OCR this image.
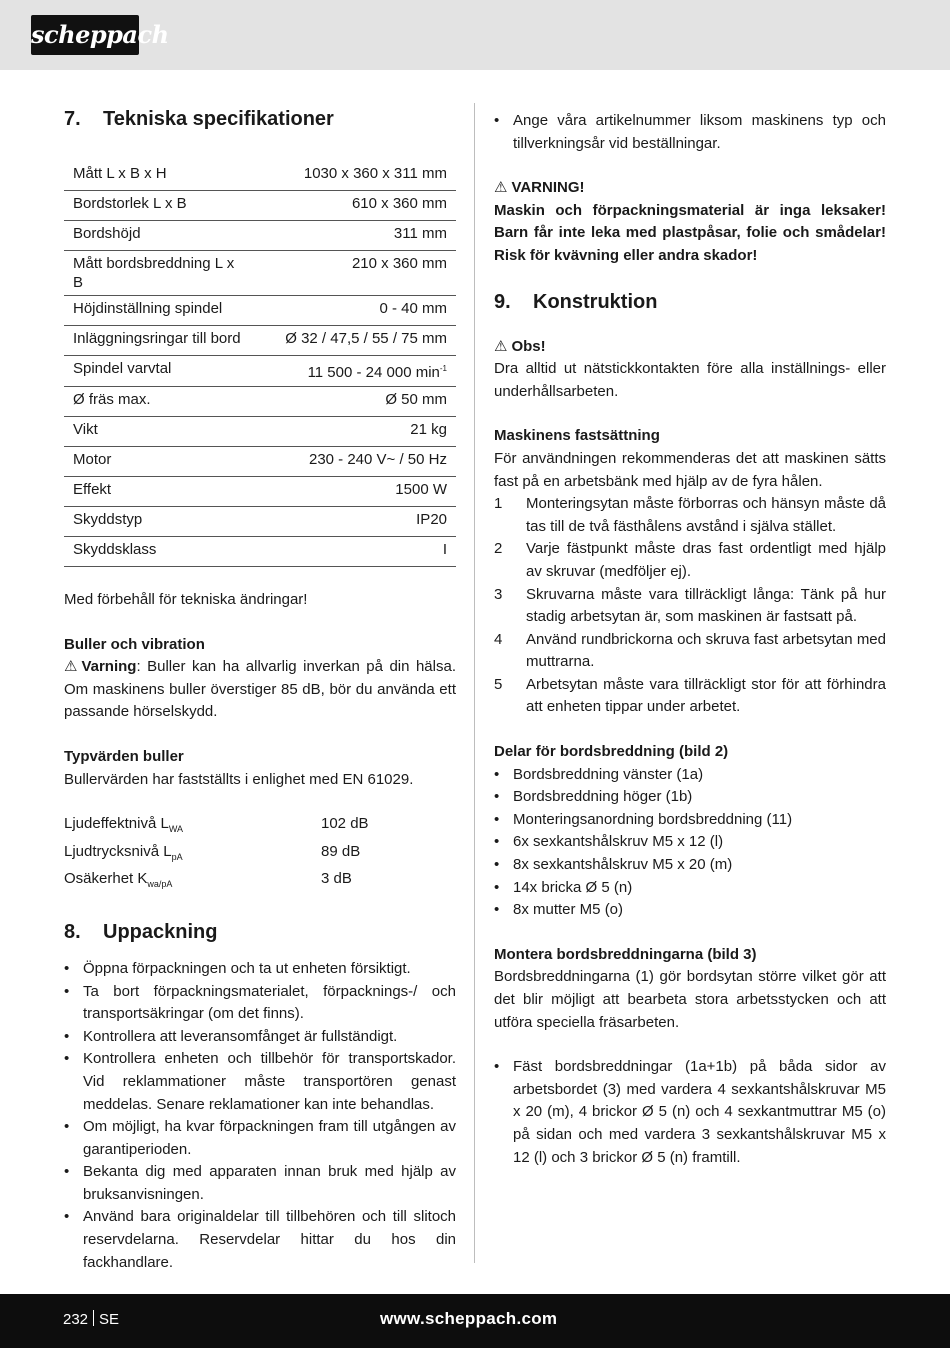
scheppach
7.	Tekniska specifikationer
Mått L x B x H	1030 x 360 x 311 mm
Bordstorlek L x B	610 x 360 mm
Bordshöjd	311 mm
Mått bordsbreddning L x B	210 x 360 mm
Höjdinställning spindel	0 - 40 mm
Inläggningsringar till bord	Ø 32 / 47,5 / 55 / 75 mm
Spindel varvtal	11 500 - 24 000 $\min^{-1}$
Ø fräs max.	Ø 50 mm
Vikt	21 kg
Motor	230 - 240 V~ / 50 Hz
Effekt	1500 W
Skyddstyp	IP20
Skyddsklass	I

Med förbehåll för tekniska ändringar!

Buller och vibration

⚠ Varning: Buller kan ha allvarlig inverkan på din hälsa. Om maskinens buller överstiger 85 dB, bör du använda ett passande hörselskydd.

Typvärden buller

Bullervärden har fastställts i enlighet med EN 61029.

Ljudeffektnivå $L_{WA}$	102 dB
Ljudtrycksnivå $L_{pA}$	89 dB
Osäkerhet $K_{wa/pA}$	3 dB
8.	Uppackning
• Öppna förpackningen och ta ut enheten försiktigt.
• Ta bort förpackningsmaterialet, förpacknings-/ och transportsäkringar (om det finns).
• Kontrollera att leveransomfånget är fullständigt.
• Kontrollera enheten och tillbehör för transportskador. Vid reklammationer måste transportören genast meddelas. Senare reklamationer kan inte behandlas.
• Om möjligt, ha kvar förpackningen fram till utgången av garantiperioden.
• Bekanta dig med apparaten innan bruk med hjälp av bruksanvisningen.
• Använd bara originaldelar till tillbehören och till slitoch reservdelarna. Reservdelar hittar du hos din fackhandlare.
• Ange våra artikelnummer liksom maskinens typ och tillverkningsår vid beställningar.

⚠ VARNING!

Maskin och förpackningsmaterial är inga leksaker! Barn får inte leka med plastpåsar, folie och smådelar! Risk för kvävning eller andra skador!

9.	Konstruktion

⚠ Obs!

Dra alltid ut nätstickkontakten före alla inställnings- eller underhållsarbeten.

Maskinens fastsättning

För användningen rekommenderas det att maskinen sätts fast på en arbetsbänk med hjälp av de fyra hålen.

1 Monteringsytan måste förborras och hänsyn måste då tas till de två fästhålens avstånd i själva stället.
2 Varje fästpunkt måste dras fast ordentligt med hjälp av skruvar (medföljer ej).
3 Skruvarna måste vara tillräckligt långa: Tänk på hur stadig arbetsytan är, som maskinen är fastsatt på.
4 Använd rundbrickorna och skruva fast arbetsytan med muttrarna.
5 Arbetsytan måste vara tillräckligt stor för att förhindra att enheten tippar under arbetet.

Delar för bordsbreddning (bild 2)

• Bordsbreddning vänster (1a)
• Bordsbreddning höger (1b)
• Monteringsanordning bordsbreddning (11)
• 6x sexkantshålskruv M5 x 12 (l)
• 8x sexkantshålskruv M5 x 20 (m)
• 14x bricka Ø 5 (n)
• 8x mutter M5 (o)

Montera bordsbreddningarna (bild 3)

Bordsbreddningarna (1) gör bordsytan större vilket gör att det blir möjligt att bearbeta stora arbetsstycken och att utföra speciella fräsarbeten.

• Fäst bordsbreddningar (1a+1b) på båda sidor av arbetsbordet (3) med vardera 4 sexkantshålskruvar M5 x 20 (m), 4 brickor Ø 5 (n) och 4 sexkantmuttrar M5 (o) på sidan och med vardera 3 sexkantshålskruvar M5 x 12 (l) och 3 brickor Ø 5 (n) framtill.
232 SE	www.scheppach.com
